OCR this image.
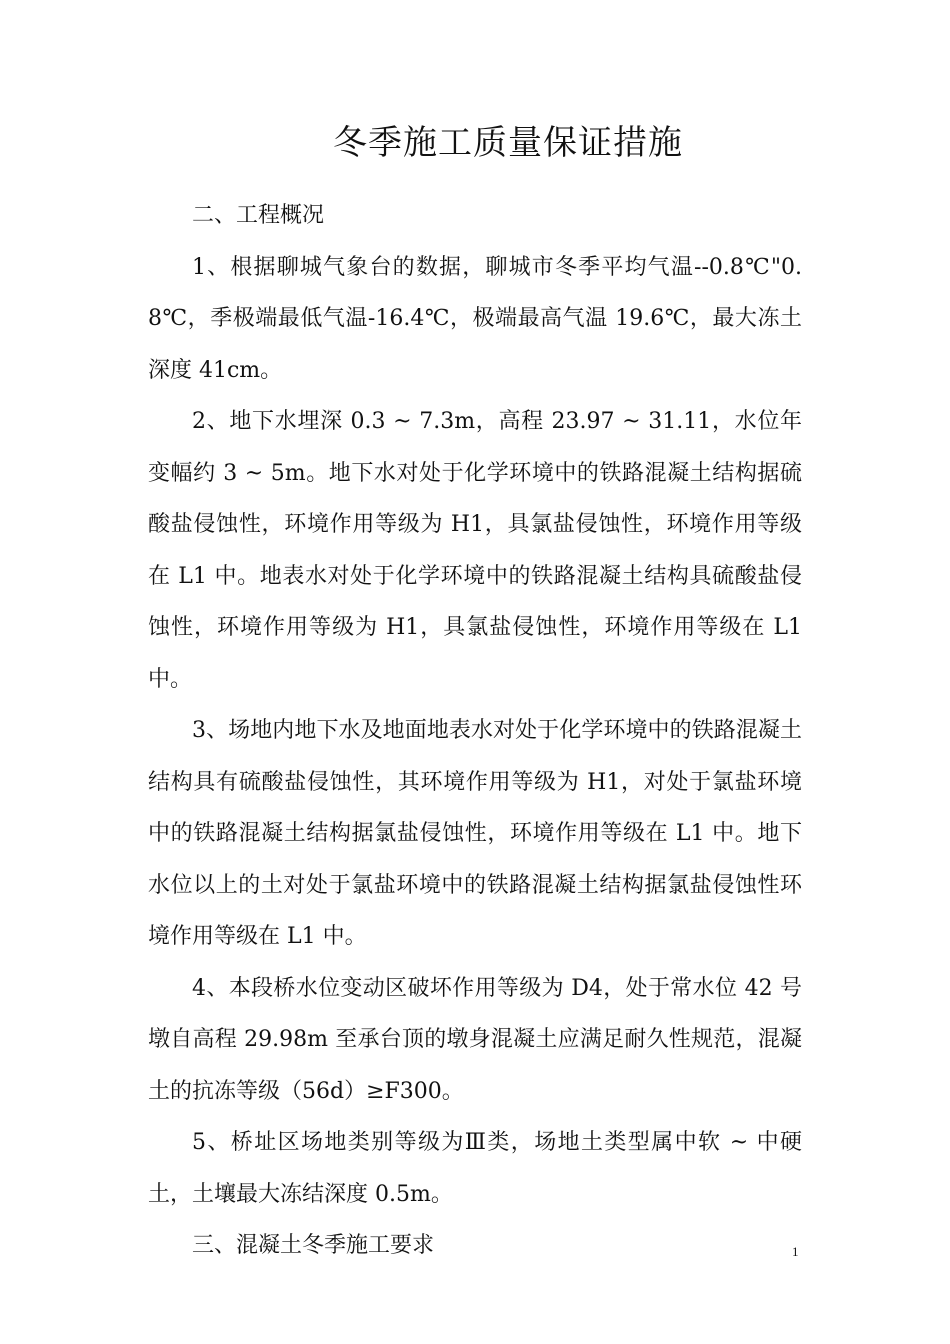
冬季施工质量保证措施

二、工程概况

1、根据聊城气象台的数据，聊城市冬季平均气温--0.8℃"0.8℃，季极端最低气温-16.4℃，极端最高气温 19.6℃，最大冻土深度 41cm。

2、地下水埋深 0.3 ~ 7.3m，高程 23.97 ~ 31.11，水位年变幅约 3 ~ 5m。地下水对处于化学环境中的铁路混凝土结构据硫酸盐侵蚀性，环境作用等级为 H1，具氯盐侵蚀性，环境作用等级在 L1 中。地表水对处于化学环境中的铁路混凝土结构具硫酸盐侵蚀性，环境作用等级为 H1，具氯盐侵蚀性，环境作用等级在 L1 中。

3、场地内地下水及地面地表水对处于化学环境中的铁路混凝土结构具有硫酸盐侵蚀性，其环境作用等级为 H1，对处于氯盐环境中的铁路混凝土结构据氯盐侵蚀性，环境作用等级在 L1 中。地下水位以上的土对处于氯盐环境中的铁路混凝土结构据氯盐侵蚀性环境作用等级在 L1 中。

4、本段桥水位变动区破坏作用等级为 D4，处于常水位 42 号墩自高程 29.98m 至承台顶的墩身混凝土应满足耐久性规范，混凝土的抗冻等级（56d）≥F300。

5、桥址区场地类别等级为Ⅲ类，场地土类型属中软 ~ 中硬土，土壤最大冻结深度 0.5m。

三、混凝土冬季施工要求	1
